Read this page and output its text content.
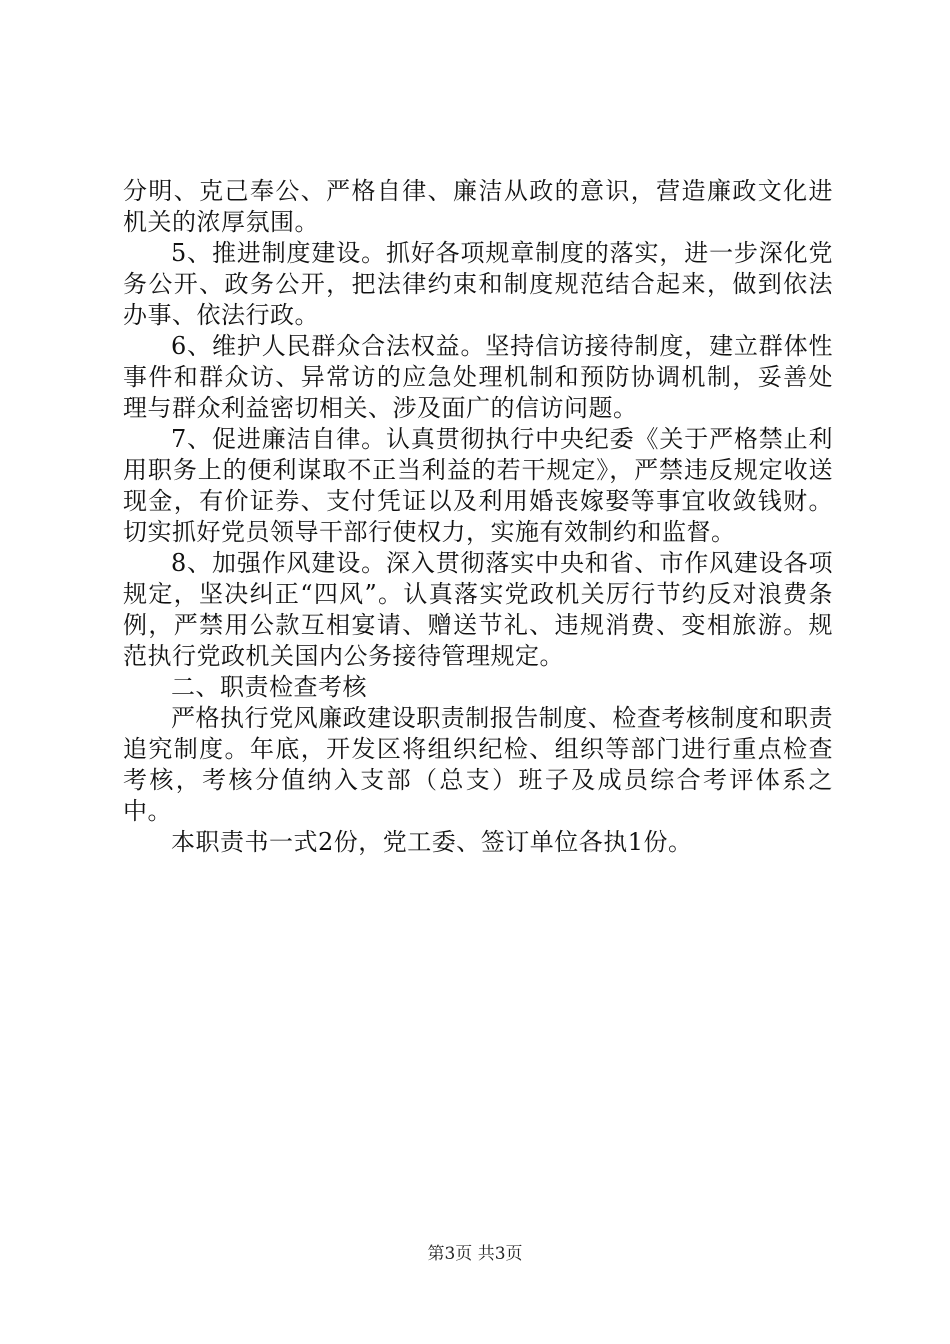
分明、克己奉公、严格自律、廉洁从政的意识，营造廉政文化进机关的浓厚氛围。

5、推进制度建设。抓好各项规章制度的落实，进一步深化党务公开、政务公开，把法律约束和制度规范结合起来，做到依法办事、依法行政。

6、维护人民群众合法权益。坚持信访接待制度，建立群体性事件和群众访、异常访的应急处理机制和预防协调机制，妥善处理与群众利益密切相关、涉及面广的信访问题。

7、促进廉洁自律。认真贯彻执行中央纪委《关于严格禁止利用职务上的便利谋取不正当利益的若干规定》，严禁违反规定收送现金，有价证券、支付凭证以及利用婚丧嫁娶等事宜收敛钱财。切实抓好党员领导干部行使权力，实施有效制约和监督。

8、加强作风建设。深入贯彻落实中央和省、市作风建设各项规定，坚决纠正“四风”。认真落实党政机关厉行节约反对浪费条例，严禁用公款互相宴请、赠送节礼、违规消费、变相旅游。规范执行党政机关国内公务接待管理规定。

二、职责检查考核

严格执行党风廉政建设职责制报告制度、检查考核制度和职责追究制度。年底，开发区将组织纪检、组织等部门进行重点检查考核，考核分值纳入支部（总支）班子及成员综合考评体系之中。

本职责书一式2份，党工委、签订单位各执1份。

第3页 共3页
